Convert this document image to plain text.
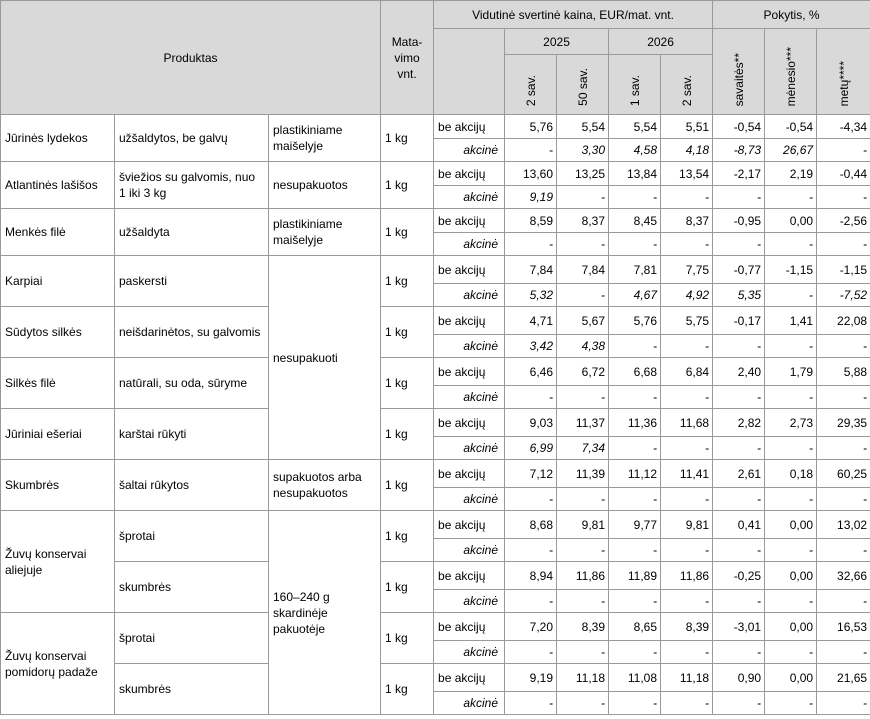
Produktas			Mata-
vimo
vnt.	Vidutinė svertinė kaina, EUR/mat. vnt.					Pokytis, %		
					2025		2026		savaitės**	mėnesio***	metų****
					2 sav.	50 sav.	1 sav.	2 sav.			
Jūrinės lydekos	užšaldytos, be galvų	plastikiniame maišelyje	1 kg	be akcijų	5,76	5,54	5,54	5,51	-0,54	-0,54	-4,34
				akcinė	-	3,30	4,58	4,18	-8,73	26,67	-
Atlantinės lašišos	šviežios su galvomis, nuo 1 iki 3 kg	nesupakuotos	1 kg	be akcijų	13,60	13,25	13,84	13,54	-2,17	2,19	-0,44
				akcinė	9,19	-	-	-	-	-	-
Menkės filė	užšaldyta	plastikiniame maišelyje	1 kg	be akcijų	8,59	8,37	8,45	8,37	-0,95	0,00	-2,56
				akcinė	-	-	-	-	-	-	-
Karpiai	paskersti	nesupakuoti	1 kg	be akcijų	7,84	7,84	7,81	7,75	-0,77	-1,15	-1,15
				akcinė	5,32	-	4,67	4,92	5,35	-	-7,52
Sūdytos silkės	neišdarinėtos, su galvomis		1 kg	be akcijų	4,71	5,67	5,76	5,75	-0,17	1,41	22,08
				akcinė	3,42	4,38	-	-	-	-	-
Silkės filė	natūrali, su oda, sūryme		1 kg	be akcijų	6,46	6,72	6,68	6,84	2,40	1,79	5,88
				akcinė	-	-	-	-	-	-	-
Jūriniai ešeriai	karštai rūkyti		1 kg	be akcijų	9,03	11,37	11,36	11,68	2,82	2,73	29,35
				akcinė	6,99	7,34	-	-	-	-	-
Skumbrės	šaltai rūkytos	supakuotos arba nesupakuotos	1 kg	be akcijų	7,12	11,39	11,12	11,41	2,61	0,18	60,25
				akcinė	-	-	-	-	-	-	-
Žuvų konservai aliejuje	šprotai	160–240 g skardinėje pakuotėje	1 kg	be akcijų	8,68	9,81	9,77	9,81	0,41	0,00	13,02
				akcinė	-	-	-	-	-	-	-
	skumbrės		1 kg	be akcijų	8,94	11,86	11,89	11,86	-0,25	0,00	32,66
				akcinė	-	-	-	-	-	-	-
Žuvų konservai pomidorų padaže	šprotai		1 kg	be akcijų	7,20	8,39	8,65	8,39	-3,01	0,00	16,53
				akcinė	-	-	-	-	-	-	-
	skumbrės		1 kg	be akcijų	9,19	11,18	11,08	11,18	0,90	0,00	21,65
				akcinė	-	-	-	-	-	-	-
